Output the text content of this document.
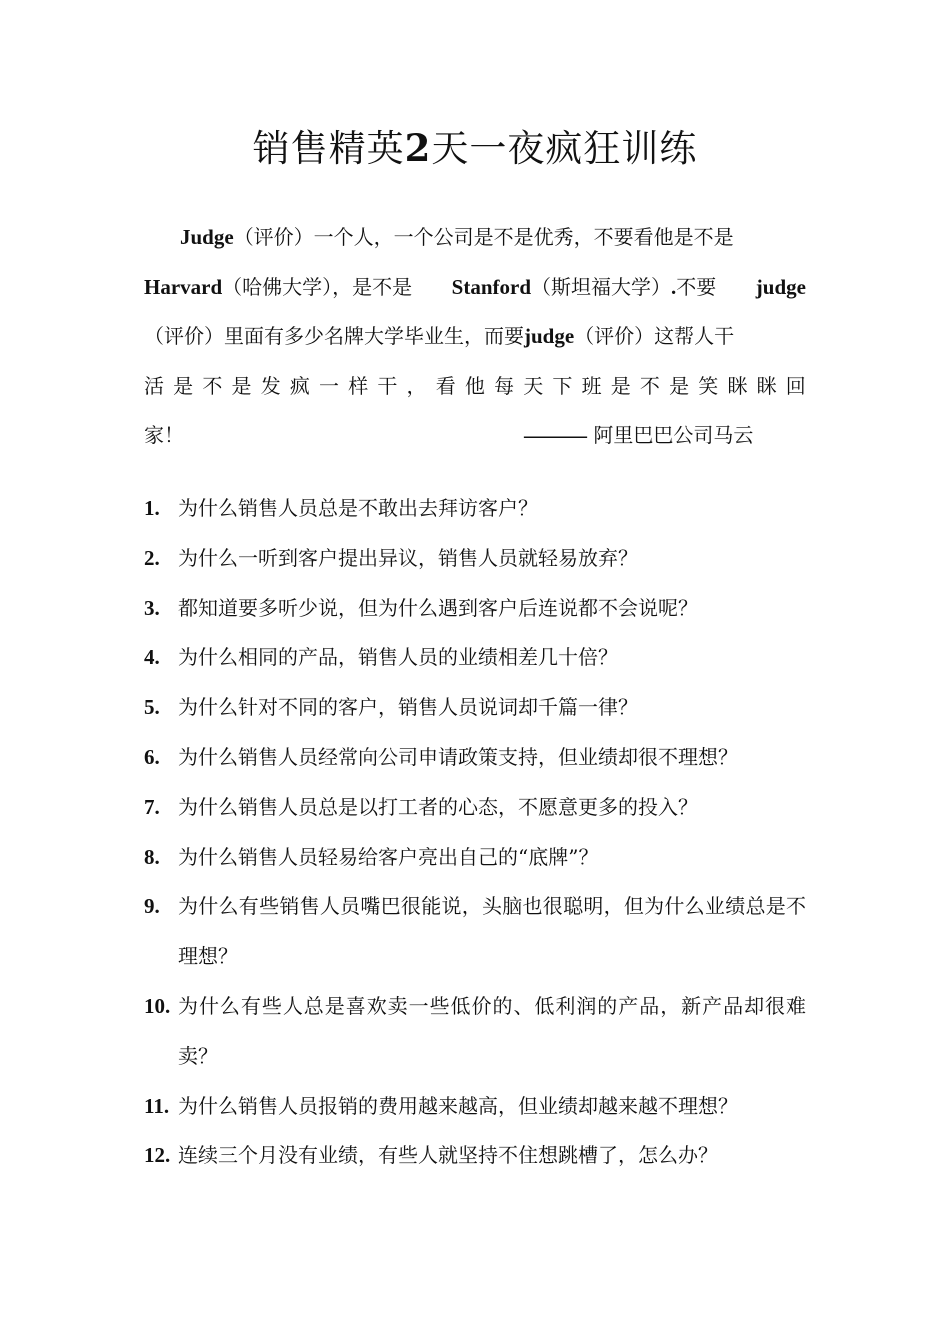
销售精英2天一夜疯狂训练
Judge（评价）一个人，一个公司是不是优秀，不要看他是不是
Harvard（哈佛大学），是不是 Stanford（斯坦福大学）.不要 judge
（评价）里面有多少名牌大学毕业生，而要judge（评价）这帮人干
活 是 不 是 发 疯 一 样 干 ， 看 他 每 天 下 班 是 不 是 笑 眯 眯 回
家！	——— 阿里巴巴公司马云
1. 为什么销售人员总是不敢出去拜访客户？
2. 为什么一听到客户提出异议，销售人员就轻易放弃？
3. 都知道要多听少说，但为什么遇到客户后连说都不会说呢？
4. 为什么相同的产品，销售人员的业绩相差几十倍？
5. 为什么针对不同的客户，销售人员说词却千篇一律？
6. 为什么销售人员经常向公司申请政策支持，但业绩却很不理想？
7. 为什么销售人员总是以打工者的心态，不愿意更多的投入？
8. 为什么销售人员轻易给客户亮出自己的“底牌”？
9. 为什么有些销售人员嘴巴很能说，头脑也很聪明，但为什么业绩总是不理想？
10. 为什么有些人总是喜欢卖一些低价的、低利润的产品，新产品却很难卖？
11. 为什么销售人员报销的费用越来越高，但业绩却越来越不理想？
12. 连续三个月没有业绩，有些人就坚持不住想跳槽了，怎么办？
